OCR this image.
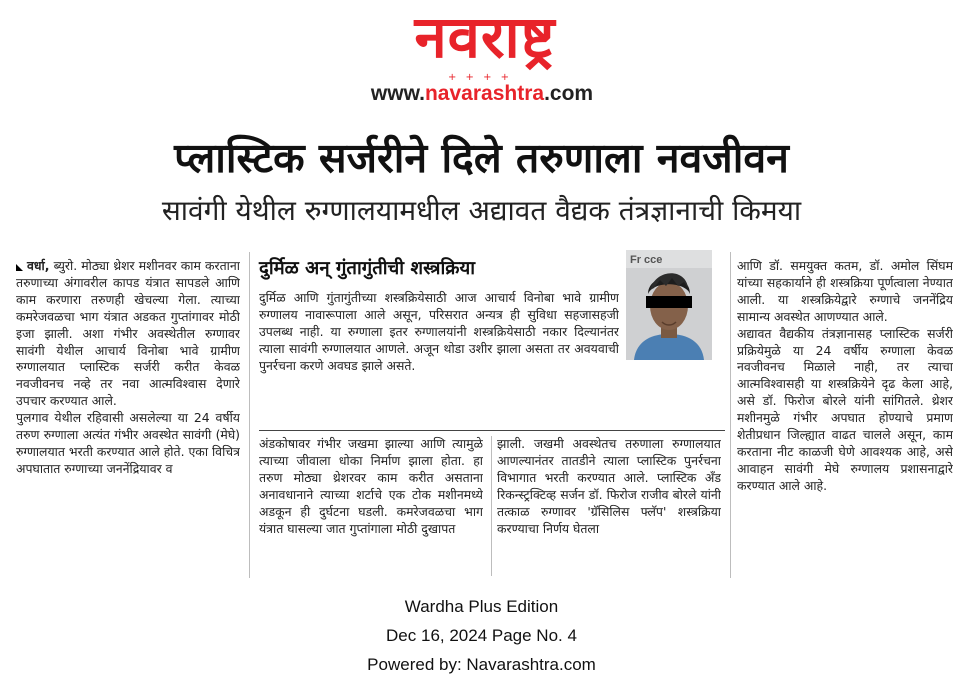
नवराष्ट्र
+ + + +
www.navarashtra.com
प्लास्टिक सर्जरीने दिले तरुणाला नवजीवन
सावंगी येथील रुग्णालयामधील अद्यावत वैद्यक तंत्रज्ञानाची किमया

वर्धा, ब्युरो. मोठ्या थ्रेशर मशीनवर काम करताना तरुणाच्या अंगावरील कापड यंत्रात सापडले आणि काम करणारा तरुणही खेचल्या गेला. त्याच्या कमरेजवळचा भाग यंत्रात अडकत गुप्तांगावर मोठी इजा झाली. अशा गंभीर अवस्थेतील रुग्णावर सावंगी येथील आचार्य विनोबा भावे ग्रामीण रुग्णालयात प्लास्टिक सर्जरी करीत केवळ नवजीवनच नव्हे तर नवा आत्मविश्वास देणारे उपचार करण्यात आले.

पुलगाव येथील रहिवासी असलेल्या या 24 वर्षीय तरुण रुग्णाला अत्यंत गंभीर अवस्थेत सावंगी (मेघे) रुग्णालयात भरती करण्यात आले होते. एका विचित्र अपघातात रुग्णाच्या जननेंद्रियावर व

दुर्मिळ अन् गुंतागुंतीची शस्त्रक्रिया
दुर्मिळ आणि गुंतागुंतीच्या शस्त्रक्रियेसाठी आज आचार्य विनोबा भावे ग्रामीण रुग्णालय नावारूपाला आले असून, परिसरात अन्यत्र ही सुविधा सहजासहजी उपलब्ध नाही. या रुग्णाला इतर रुग्णालयांनी शस्त्रक्रियेसाठी नकार दिल्यानंतर त्याला सावंगी रुग्णालयात आणले. अजून थोडा उशीर झाला असता तर अवयवाची पुनर्रचना करणे अवघड झाले असते.
Fr cce
अंडकोषावर गंभीर जखमा झाल्या आणि त्यामुळे त्याच्या जीवाला धोका निर्माण झाला होता. हा तरुण मोठ्या थ्रेशरवर काम करीत असताना अनावधानाने त्याच्या शर्टाचे एक टोक मशीनमध्ये अडकून ही दुर्घटना घडली. कमरेजवळचा भाग यंत्रात घासल्या जात गुप्तांगाला मोठी दुखापत
झाली. जखमी अवस्थेतच तरुणाला रुग्णालयात आणल्यानंतर तातडीने त्याला प्लास्टिक पुनर्रचना विभागात भरती करण्यात आले. प्लास्टिक अँड रिकन्स्ट्रक्टिव्ह सर्जन डॉ. फिरोज राजीव बोरले यांनी तत्काळ रुग्णावर 'ग्रॅसिलिस फ्लॅप' शस्त्रक्रिया करण्याचा निर्णय घेतला

आणि डॉ. समयुक्त कतम, डॉ. अमोल सिंघम यांच्या सहकार्याने ही शस्त्रक्रिया पूर्णत्वाला नेण्यात आली. या शस्त्रक्रियेद्वारे रुग्णाचे जननेंद्रिय सामान्य अवस्थेत आणण्यात आले.

अद्यावत वैद्यकीय तंत्रज्ञानासह प्लास्टिक सर्जरी प्रक्रियेमुळे या 24 वर्षीय रुग्णाला केवळ नवजीवनच मिळाले नाही, तर त्याचा आत्मविश्वासही या शस्त्रक्रियेने दृढ केला आहे, असे डॉ. फिरोज बोरले यांनी सांगितले. थ्रेशर मशीनमुळे गंभीर अपघात होण्याचे प्रमाण शेतीप्रधान जिल्ह्यात वाढत चालले असून, काम करताना नीट काळजी घेणे आवश्यक आहे, असे आवाहन सावंगी मेघे रुग्णालय प्रशासनाद्वारे करण्यात आले आहे.

Wardha Plus Edition
Dec 16, 2024 Page No. 4
Powered by: Navarashtra.com
